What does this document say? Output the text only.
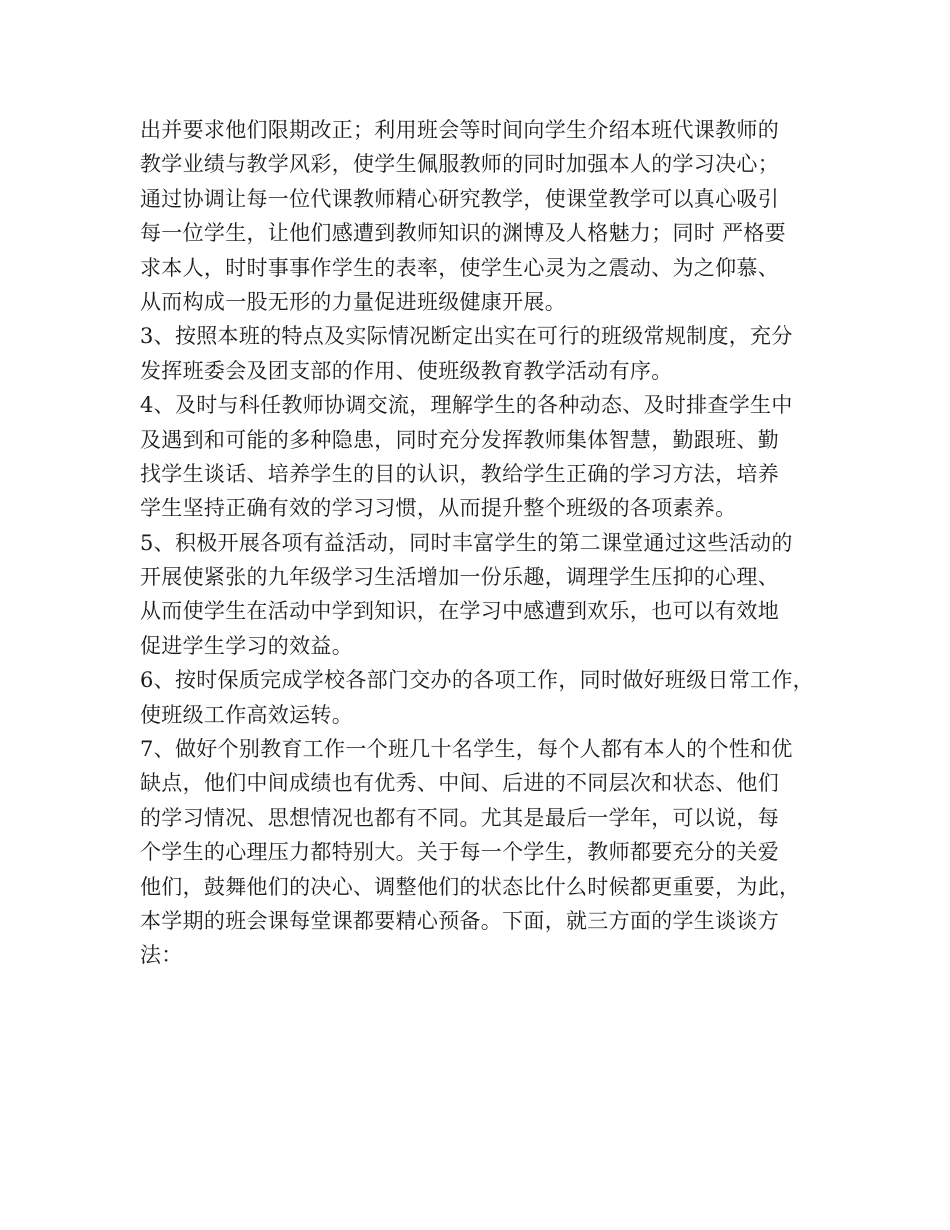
出并要求他们限期改正；利用班会等时间向学生介绍本班代课教师的
教学业绩与教学风彩，使学生佩服教师的同时加强本人的学习决心；
通过协调让每一位代课教师精心研究教学，使课堂教学可以真心吸引
每一位学生，让他们感遭到教师知识的渊博及人格魅力；同时 严格要
求本人，时时事事作学生的表率，使学生心灵为之震动、为之仰慕、
从而构成一股无形的力量促进班级健康开展。
3、按照本班的特点及实际情况断定出实在可行的班级常规制度，充分
发挥班委会及团支部的作用、使班级教育教学活动有序。
4、及时与科任教师协调交流，理解学生的各种动态、及时排查学生中
及遇到和可能的多种隐患，同时充分发挥教师集体智慧，勤跟班、勤
找学生谈话、培养学生的目的认识，教给学生正确的学习方法，培养
学生坚持正确有效的学习习惯，从而提升整个班级的各项素养。
5、积极开展各项有益活动，同时丰富学生的第二课堂通过这些活动的
开展使紧张的九年级学习生活增加一份乐趣，调理学生压抑的心理、
从而使学生在活动中学到知识，在学习中感遭到欢乐，也可以有效地
促进学生学习的效益。
6、按时保质完成学校各部门交办的各项工作，同时做好班级日常工作，
使班级工作高效运转。
7、做好个别教育工作一个班几十名学生，每个人都有本人的个性和优
缺点，他们中间成绩也有优秀、中间、后进的不同层次和状态、他们
的学习情况、思想情况也都有不同。尤其是最后一学年，可以说，每
个学生的心理压力都特别大。关于每一个学生，教师都要充分的关爱
他们，鼓舞他们的决心、调整他们的状态比什么时候都更重要，为此，
本学期的班会课每堂课都要精心预备。下面，就三方面的学生谈谈方
法：
